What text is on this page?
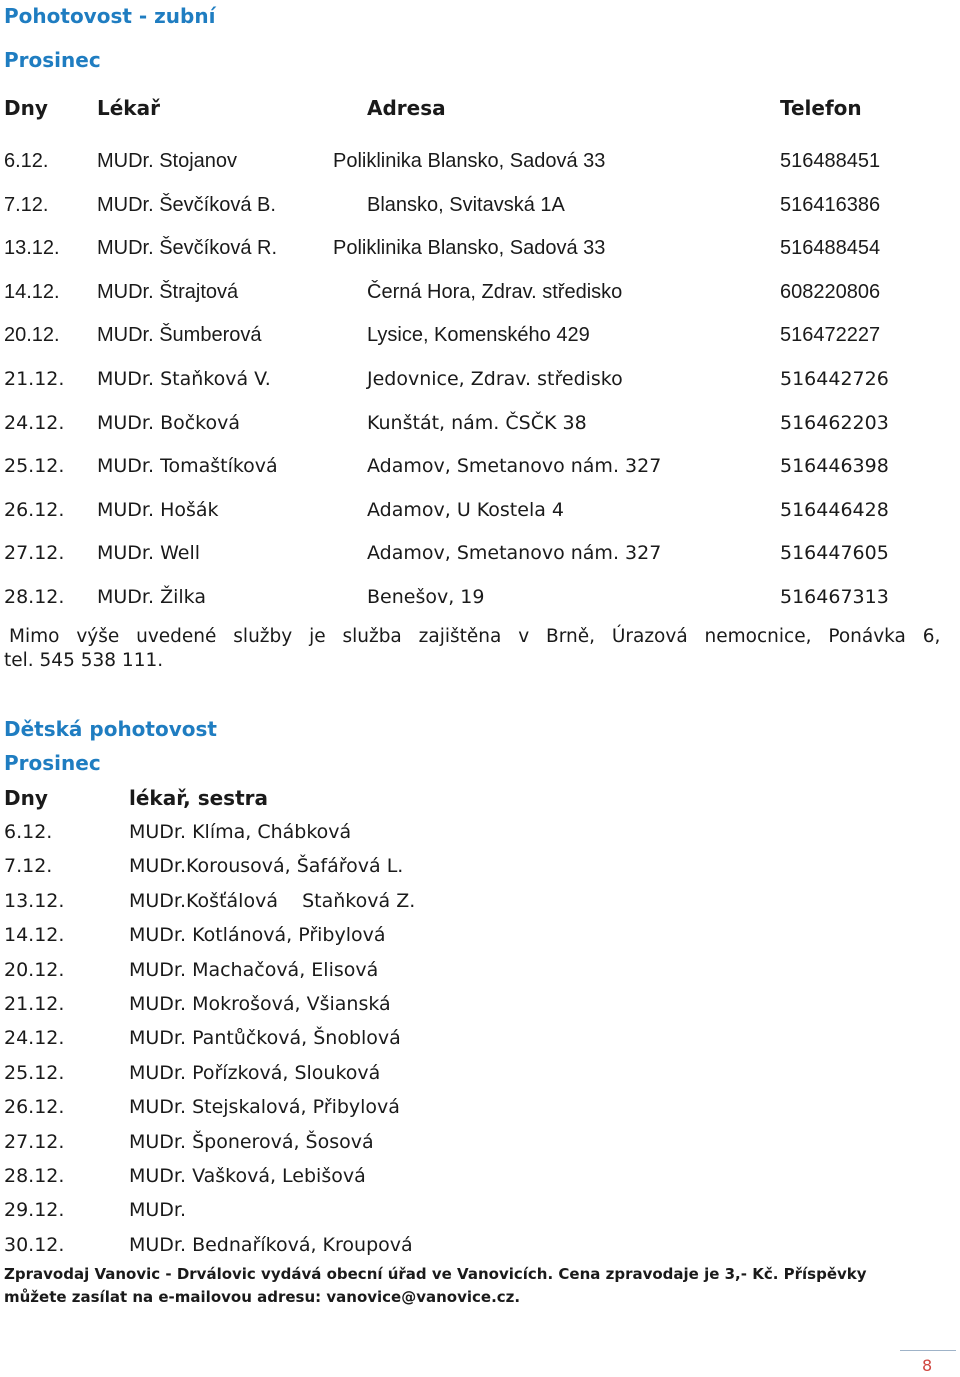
Pohotovost - zubní
Prosinec
Dny Lékař	Adresa	Telefon
6.12. MUDr. Stojanov	Poliklinika Blansko, Sadová 33	516488451
7.12. MUDr. Ševčíková B.	Blansko, Svitavská 1A	516416386
13.12. MUDr. Ševčíková R.	Poliklinika Blansko, Sadová 33	516488454
14.12. MUDr. Štrajtová	Černá Hora, Zdrav. středisko	608220806
20.12. MUDr. Šumberová	Lysice, Komenského 429	516472227
21.12. MUDr. Staňková V.	Jedovnice, Zdrav. středisko	516442726
24.12. MUDr. Bočková	Kunštát, nám. ČSČK 38	516462203
25.12. MUDr. Tomaštíková	Adamov, Smetanovo nám. 327	516446398
26.12. MUDr. Hošák	Adamov, U Kostela 4	516446428
27.12. MUDr. Well	Adamov, Smetanovo nám. 327	516447605
28.12. MUDr. Žilka	Benešov, 19	516467313
Mimo výše uvedené služby je služba zajištěna v Brně, Úrazová nemocnice, Ponávka 6,
tel. 545 538 111.
Dětská pohotovost
Prosinec
Dny	lékař, sestra
6.12.	MUDr. Klíma, Chábková
7.12.	MUDr.Korousová, Šafářová L.
13.12.	MUDr.Košťálová    Staňková Z.
14.12.	MUDr. Kotlánová, Přibylová
20.12.	MUDr. Machačová, Elisová
21.12.	MUDr. Mokrošová, Všianská
24.12.	MUDr. Pantůčková, Šnoblová
25.12.	MUDr. Pořízková, Slouková
26.12.	MUDr. Stejskalová, Přibylová
27.12.	MUDr. Šponerová, Šosová
28.12.	MUDr. Vašková, Lebišová
29.12.	MUDr.
30.12.	MUDr. Bednaříková, Kroupová
Zpravodaj Vanovic - Drválovic vydává obecní úřad ve Vanovicích. Cena zpravodaje je 3,- Kč. Příspěvky
můžete zasílat na e-mailovou adresu: vanovice@vanovice.cz.
8
